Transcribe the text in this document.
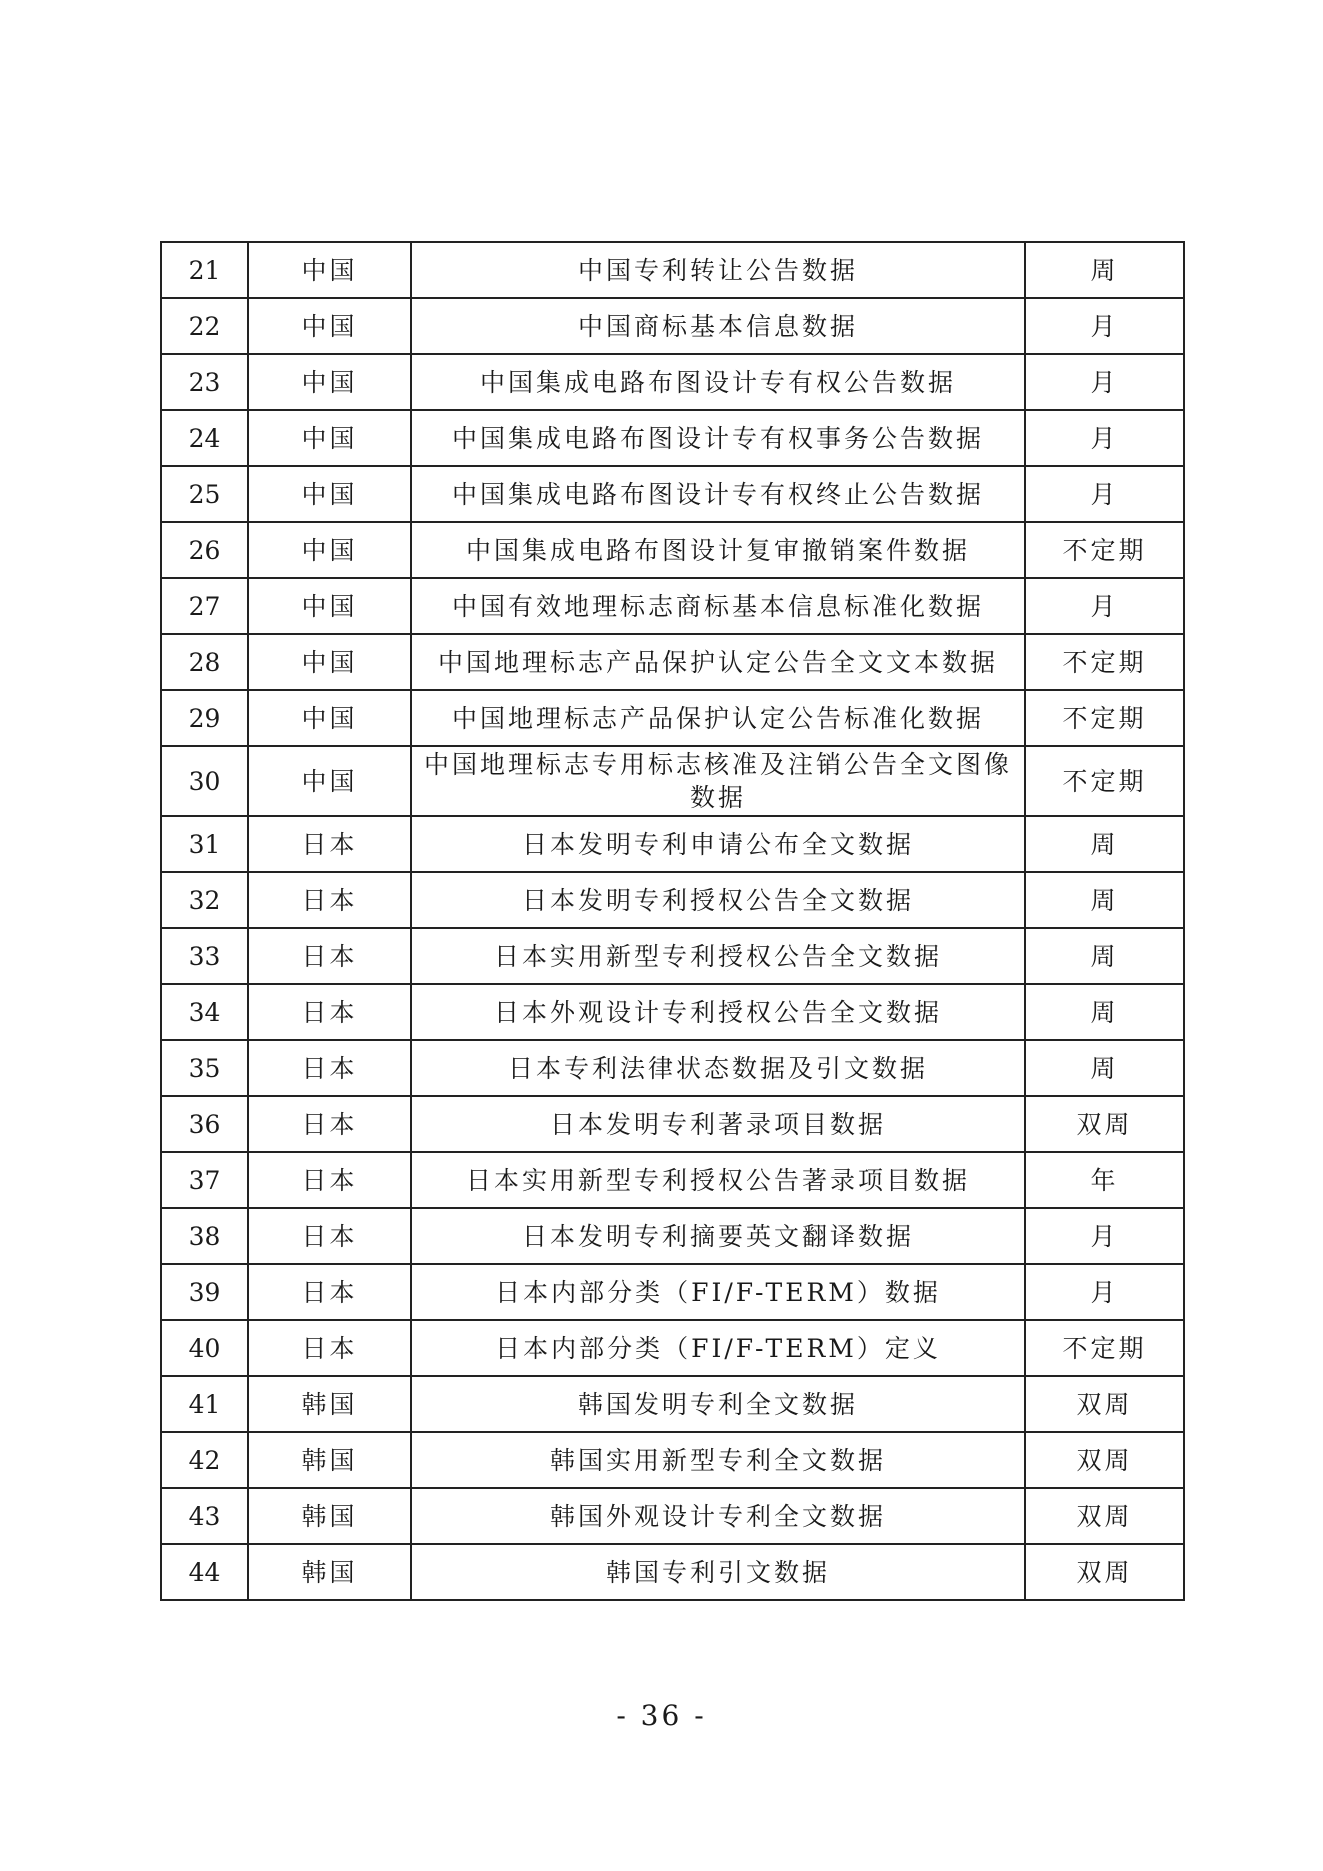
21	中国	中国专利转让公告数据	周
22	中国	中国商标基本信息数据	月
23	中国	中国集成电路布图设计专有权公告数据	月
24	中国	中国集成电路布图设计专有权事务公告数据	月
25	中国	中国集成电路布图设计专有权终止公告数据	月
26	中国	中国集成电路布图设计复审撤销案件数据	不定期
27	中国	中国有效地理标志商标基本信息标准化数据	月
28	中国	中国地理标志产品保护认定公告全文文本数据	不定期
29	中国	中国地理标志产品保护认定公告标准化数据	不定期
30	中国	中国地理标志专用标志核准及注销公告全文图像数据	不定期
31	日本	日本发明专利申请公布全文数据	周
32	日本	日本发明专利授权公告全文数据	周
33	日本	日本实用新型专利授权公告全文数据	周
34	日本	日本外观设计专利授权公告全文数据	周
35	日本	日本专利法律状态数据及引文数据	周
36	日本	日本发明专利著录项目数据	双周
37	日本	日本实用新型专利授权公告著录项目数据	年
38	日本	日本发明专利摘要英文翻译数据	月
39	日本	日本内部分类（FI/F-TERM）数据	月
40	日本	日本内部分类（FI/F-TERM）定义	不定期
41	韩国	韩国发明专利全文数据	双周
42	韩国	韩国实用新型专利全文数据	双周
43	韩国	韩国外观设计专利全文数据	双周
44	韩国	韩国专利引文数据	双周
- 36 -
